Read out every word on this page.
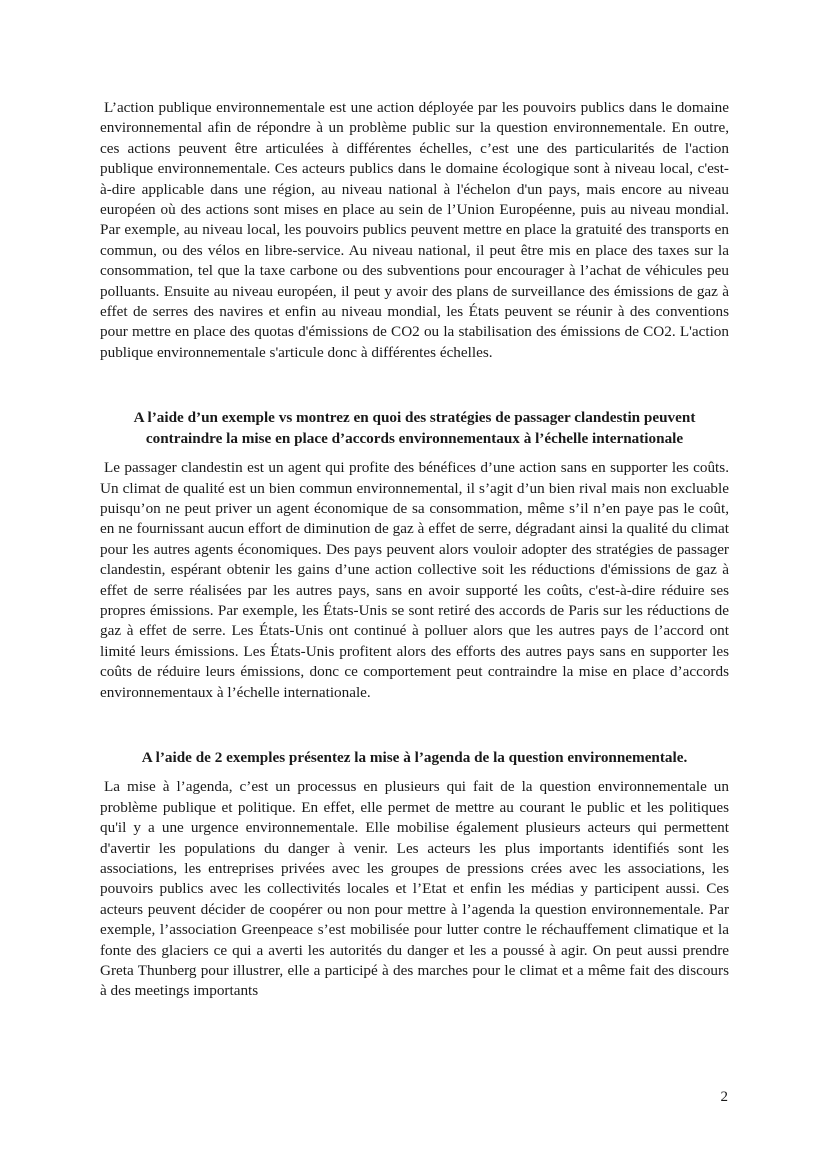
L’action publique environnementale est une action déployée par les pouvoirs publics dans le domaine environnemental afin de répondre à un problème public sur la question environnementale. En outre, ces actions peuvent être articulées à différentes échelles, c’est une des particularités de l'action publique environnementale. Ces acteurs publics dans le domaine écologique sont à niveau local, c'est-à-dire applicable dans une région, au niveau national à l'échelon d'un pays, mais encore au niveau européen où des actions sont mises en place au sein de l’Union Européenne, puis au niveau mondial. Par exemple, au niveau local, les pouvoirs publics peuvent mettre en place la gratuité des transports en commun, ou des vélos en libre-service. Au niveau national, il peut être mis en place des taxes sur la consommation, tel que la taxe carbone ou des subventions pour encourager à l’achat de véhicules peu polluants. Ensuite au niveau européen, il peut y avoir des plans de surveillance des émissions de gaz à effet de serres des navires et enfin au niveau mondial, les États peuvent se réunir à des conventions pour mettre en place des quotas d'émissions de CO2 ou la stabilisation des émissions de CO2. L'action publique environnementale s'articule donc à différentes échelles.

A l’aide d’un exemple vs montrez en quoi des stratégies de passager clandestin peuvent contraindre la mise en place d’accords environnementaux à l’échelle internationale

Le passager clandestin est un agent qui profite des bénéfices d’une action sans en supporter les coûts. Un climat de qualité est un bien commun environnemental, il s’agit d’un bien rival mais non excluable puisqu’on ne peut priver un agent économique de sa consommation, même s’il n’en paye pas le coût, en ne fournissant aucun effort de diminution de gaz à effet de serre, dégradant ainsi la qualité du climat pour les autres agents économiques. Des pays peuvent alors vouloir adopter des stratégies de passager clandestin, espérant obtenir les gains d’une action collective soit les réductions d'émissions de gaz à effet de serre réalisées par les autres pays, sans en avoir supporté les coûts, c'est-à-dire réduire ses propres émissions. Par exemple, les États-Unis se sont retiré des accords de Paris sur les réductions de gaz à effet de serre. Les États-Unis ont continué à polluer alors que les autres pays de l’accord ont limité leurs émissions. Les États-Unis profitent alors des efforts des autres pays sans en supporter les coûts de réduire leurs émissions, donc ce comportement peut contraindre la mise en place d’accords environnementaux à l’échelle internationale.

A l’aide de 2 exemples présentez la mise à l’agenda de la question environnementale.

La mise à l’agenda, c’est un processus en plusieurs qui fait de la question environnementale un problème publique et politique. En effet, elle permet de mettre au courant le public et les politiques qu'il y a une urgence environnementale. Elle mobilise également plusieurs acteurs qui permettent d'avertir les populations du danger à venir. Les acteurs les plus importants identifiés sont les associations, les entreprises privées avec les groupes de pressions crées avec les associations, les pouvoirs publics avec les collectivités locales et l’Etat et enfin les médias y participent aussi. Ces acteurs peuvent décider de coopérer ou non pour mettre à l’agenda la question environnementale. Par exemple, l’association Greenpeace s’est mobilisée pour lutter contre le réchauffement climatique et la fonte des glaciers ce qui a averti les autorités du danger et les a poussé à agir. On peut aussi prendre Greta Thunberg pour illustrer, elle a participé à des marches pour le climat et a même fait des discours à des meetings importants

2
